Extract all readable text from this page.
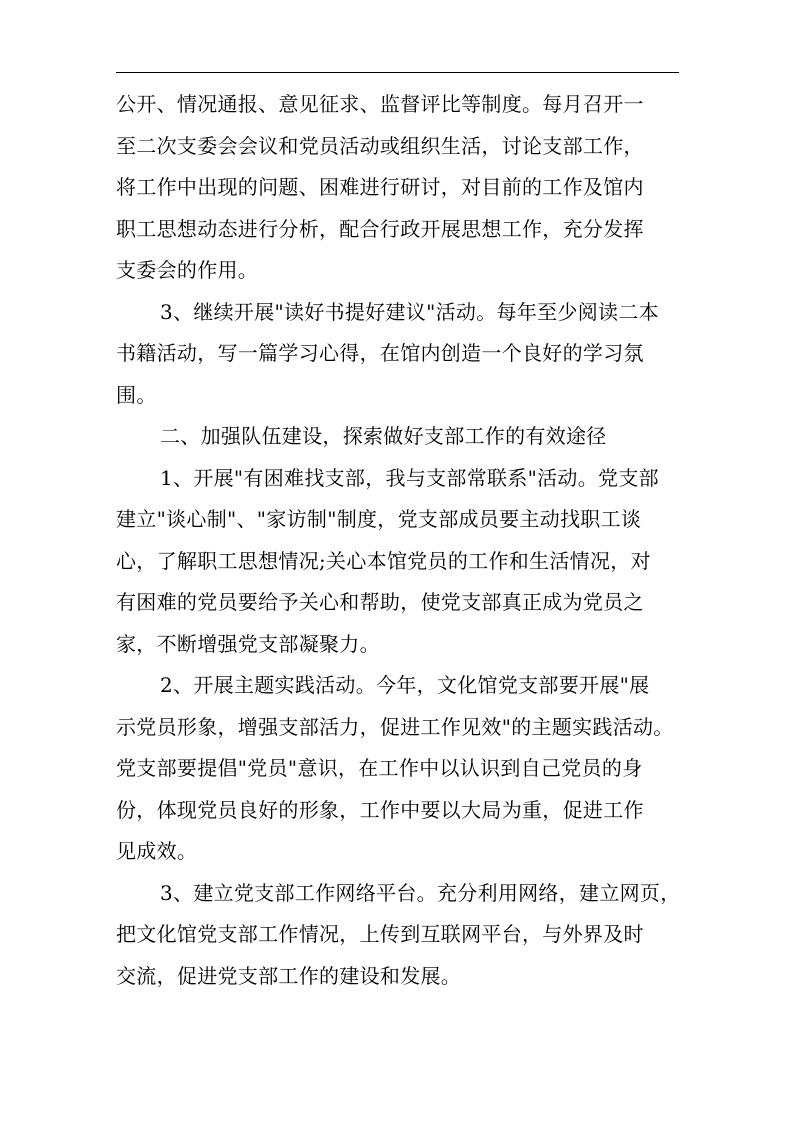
公开、情况通报、意见征求、监督评比等制度。每月召开一
至二次支委会会议和党员活动或组织生活，讨论支部工作，
将工作中出现的问题、困难进行研讨，对目前的工作及馆内
职工思想动态进行分析，配合行政开展思想工作，充分发挥
支委会的作用。
3、继续开展"读好书提好建议"活动。每年至少阅读二本
书籍活动，写一篇学习心得，在馆内创造一个良好的学习氛
围。
二、加强队伍建设，探索做好支部工作的有效途径
1、开展"有困难找支部，我与支部常联系"活动。党支部
建立"谈心制"、"家访制"制度，党支部成员要主动找职工谈
心，了解职工思想情况;关心本馆党员的工作和生活情况，对
有困难的党员要给予关心和帮助，使党支部真正成为党员之
家，不断增强党支部凝聚力。
2、开展主题实践活动。今年，文化馆党支部要开展"展
示党员形象，增强支部活力，促进工作见效"的主题实践活动。
党支部要提倡"党员"意识，在工作中以认识到自己党员的身
份，体现党员良好的形象，工作中要以大局为重，促进工作
见成效。
3、建立党支部工作网络平台。充分利用网络，建立网页，
把文化馆党支部工作情况，上传到互联网平台，与外界及时
交流，促进党支部工作的建设和发展。
